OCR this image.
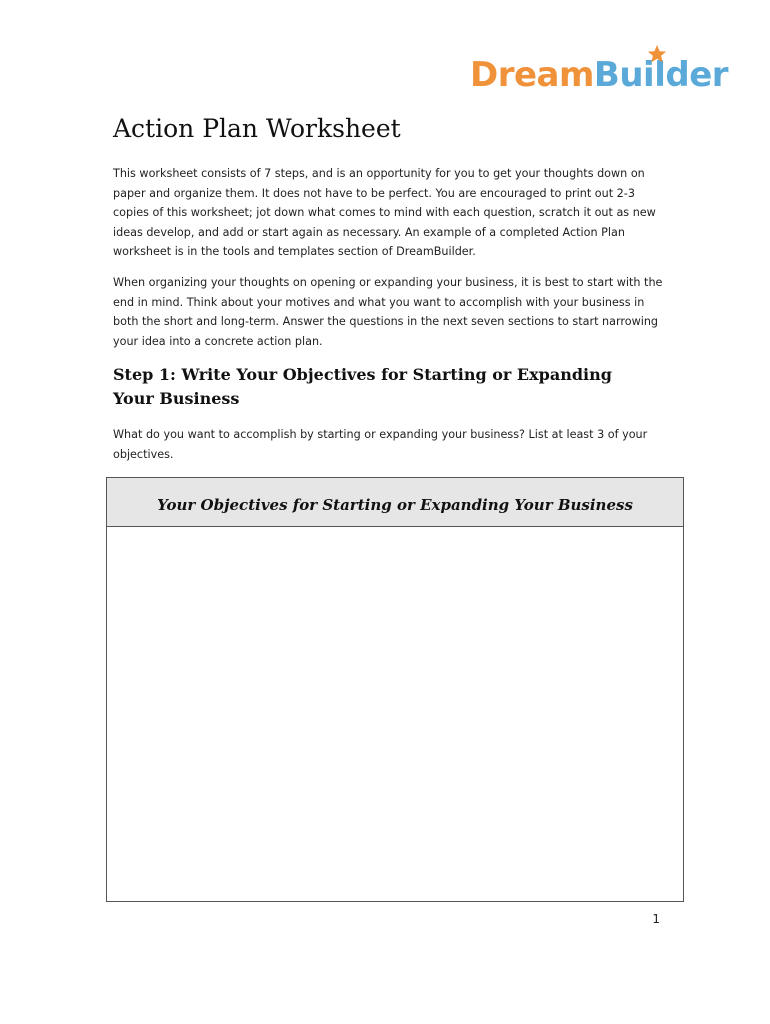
DreamBuilder
Action Plan Worksheet

This worksheet consists of 7 steps, and is an opportunity for you to get your thoughts down on paper and organize them. It does not have to be perfect. You are encouraged to print out 2-3 copies of this worksheet; jot down what comes to mind with each question, scratch it out as new ideas develop, and add or start again as necessary. An example of a completed Action Plan worksheet is in the tools and templates section of DreamBuilder.

When organizing your thoughts on opening or expanding your business, it is best to start with the end in mind. Think about your motives and what you want to accomplish with your business in both the short and long-term. Answer the questions in the next seven sections to start narrowing your idea into a concrete action plan.

Step 1: Write Your Objectives for Starting or Expanding Your Business

What do you want to accomplish by starting or expanding your business? List at least 3 of your objectives.

Your Objectives for Starting or Expanding Your Business
1
